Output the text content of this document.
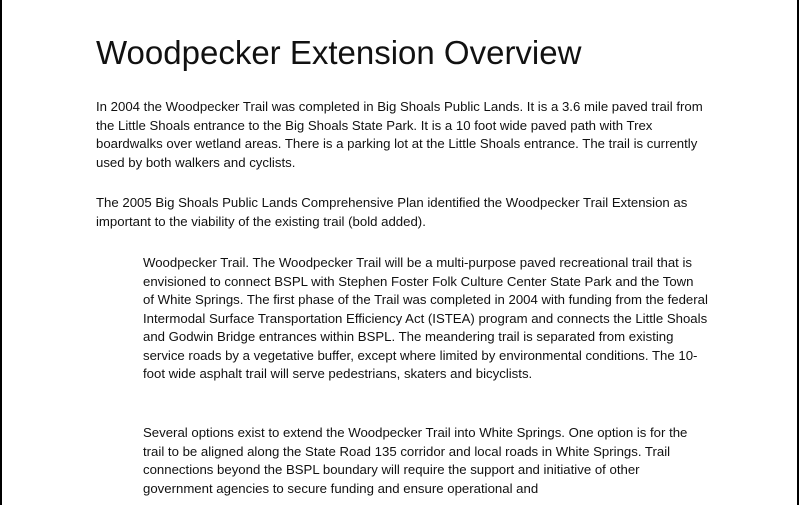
Woodpecker Extension Overview

In 2004 the Woodpecker Trail was completed in Big Shoals Public Lands. It is a 3.6 mile paved trail from the Little Shoals entrance to the Big Shoals State Park. It is a 10 foot wide paved path with Trex boardwalks over wetland areas. There is a parking lot at the Little Shoals entrance. The trail is currently used by both walkers and cyclists.

The 2005 Big Shoals Public Lands Comprehensive Plan identified the Woodpecker Trail Extension as important to the viability of the existing trail (bold added).

Woodpecker Trail. The Woodpecker Trail will be a multi-purpose paved recreational trail that is envisioned to connect BSPL with Stephen Foster Folk Culture Center State Park and the Town of White Springs. The first phase of the Trail was completed in 2004 with funding from the federal Intermodal Surface Transportation Efficiency Act (ISTEA) program and connects the Little Shoals and Godwin Bridge entrances within BSPL. The meandering trail is separated from existing service roads by a vegetative buffer, except where limited by environmental conditions. The 10-foot wide asphalt trail will serve pedestrians, skaters and bicyclists.

Several options exist to extend the Woodpecker Trail into White Springs. One option is for the trail to be aligned along the State Road 135 corridor and local roads in White Springs. Trail connections beyond the BSPL boundary will require the support and initiative of other government agencies to secure funding and ensure operational and
